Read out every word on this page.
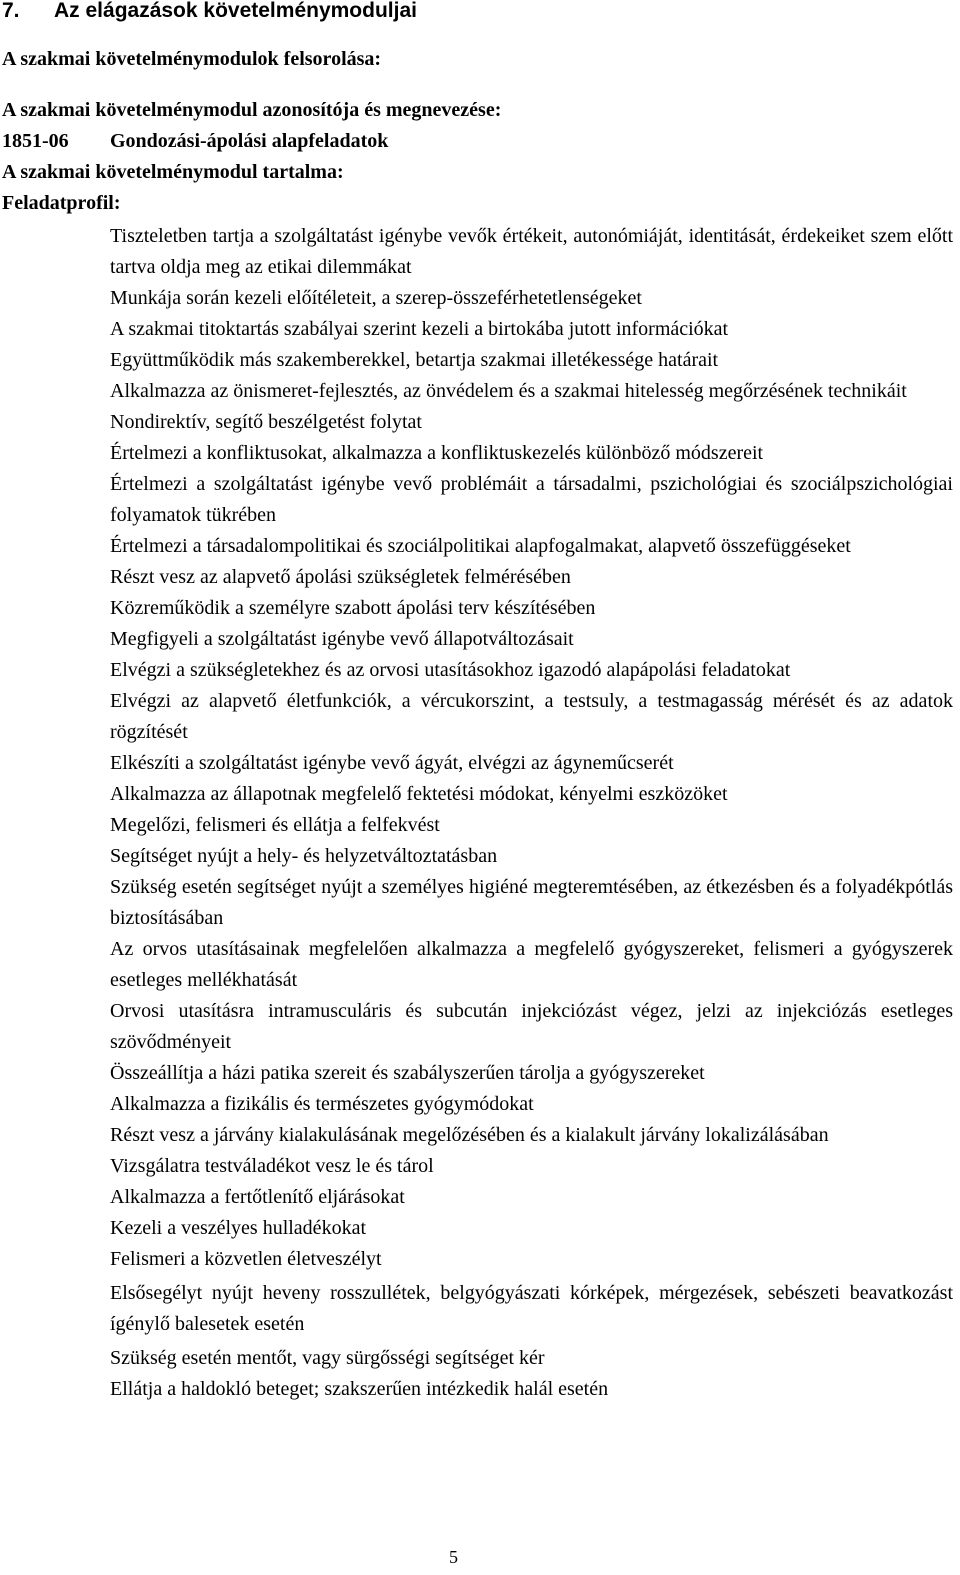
7. Az elágazások követelménymoduljai
A szakmai követelménymodulok felsorolása:
A szakmai követelménymodul azonosítója és megnevezése:
1851-06 Gondozási-ápolási alapfeladatok
A szakmai követelménymodul tartalma:
Feladatprofil:
Tiszteletben tartja a szolgáltatást igénybe vevők értékeit, autonómiáját, identitását, érdekeiket szem előtt tartva oldja meg az etikai dilemmákat
Munkája során kezeli előítéleteit, a szerep-összeférhetetlenségeket
A szakmai titoktartás szabályai szerint kezeli a birtokába jutott információkat
Együttműködik más szakemberekkel, betartja szakmai illetékessége határait
Alkalmazza az önismeret-fejlesztés, az önvédelem és a szakmai hitelesség megőrzésének technikáit
Nondirektív, segítő beszélgetést folytat
Értelmezi a konfliktusokat, alkalmazza a konfliktuskezelés különböző módszereit
Értelmezi a szolgáltatást igénybe vevő problémáit a társadalmi, pszichológiai és szociálpszichológiai folyamatok tükrében
Értelmezi a társadalompolitikai és szociálpolitikai alapfogalmakat, alapvető összefüggéseket
Részt vesz az alapvető ápolási szükségletek felmérésében
Közreműködik a személyre szabott ápolási terv készítésében
Megfigyeli a szolgáltatást igénybe vevő állapotváltozásait
Elvégzi a szükségletekhez és az orvosi utasításokhoz igazodó alapápolási feladatokat
Elvégzi az alapvető életfunkciók, a vércukorszint, a testsuly, a testmagasság mérését és az adatok rögzítését
Elkészíti a szolgáltatást igénybe vevő ágyát, elvégzi az ágyneműcserét
Alkalmazza az állapotnak megfelelő fektetési módokat, kényelmi eszközöket
Megelőzi, felismeri és ellátja a felfekvést
Segítséget nyújt a hely- és helyzetváltoztatásban
Szükség esetén segítséget nyújt a személyes higiéné megteremtésében, az étkezésben és a folyadékpótlás biztosításában
Az orvos utasításainak megfelelően alkalmazza a megfelelő gyógyszereket, felismeri a gyógyszerek esetleges mellékhatását
Orvosi utasításra intramusculáris és subcután injekciózást végez, jelzi az injekciózás esetleges szövődményeit
Összeállítja a házi patika szereit és szabályszerűen tárolja a gyógyszereket
Alkalmazza a fizikális és természetes gyógymódokat
Részt vesz a járvány kialakulásának megelőzésében és a kialakult járvány lokalizálásában
Vizsgálatra testváladékot vesz le és tárol
Alkalmazza a fertőtlenítő eljárásokat
Kezeli a veszélyes hulladékokat
Felismeri a közvetlen életveszélyt
Elsősegélyt nyújt heveny rosszullétek, belgyógyászati kórképek, mérgezések, sebészeti beavatkozást ígénylő balesetek esetén
Szükség esetén mentőt, vagy sürgősségi segítséget kér
Ellátja a haldokló beteget; szakszerűen intézkedik halál esetén
5
